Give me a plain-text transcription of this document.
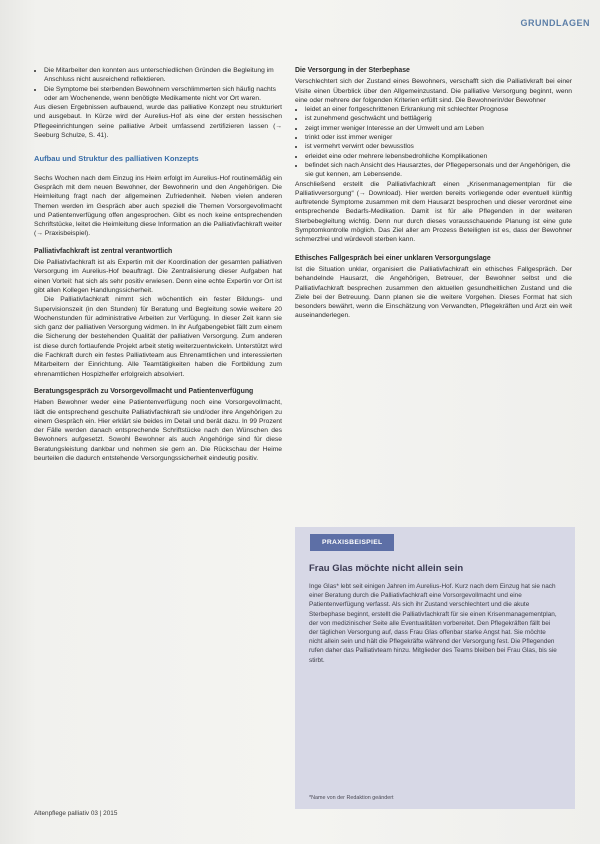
GRUNDLAGEN
• Die Mitarbeiter den konnten aus unterschiedlichen Gründen die Begleitung im Anschluss nicht ausreichend reflektieren.
• Die Symptome bei sterbenden Bewohnern verschlimmerten sich häufig nachts oder am Wochenende, wenn benötigte Medikamente nicht vor Ort waren.

Aus diesen Ergebnissen aufbauend, wurde das palliative Konzept neu strukturiert und ausgebaut. In Kürze wird der Aurelius-Hof als eine der ersten hessischen Pflegeeinrichtungen seine palliative Arbeit umfassend zertifizieren lassen (→ Seeburg Schulze, S. 41).

Aufbau und Struktur des palliativen Konzepts

Sechs Wochen nach dem Einzug ins Heim erfolgt im Aurelius-Hof routinemäßig ein Gespräch mit dem neuen Bewohner, der Bewohnerin und den Angehörigen. Die Heimleitung fragt nach der allgemeinen Zufriedenheit. Neben vielen anderen Themen werden im Gespräch aber auch speziell die Themen Vorsorgevollmacht und Patientenverfügung offen angesprochen. Gibt es noch keine entsprechenden Schriftstücke, leitet die Heimleitung diese Information an die Palliativfachkraft weiter (→ Praxisbeispiel).

Palliativfachkraft ist zentral verantwortlich

Die Palliativfachkraft ist als Expertin mit der Koordination der gesamten palliativen Versorgung im Aurelius-Hof beauftragt. Die Zentralisierung dieser Aufgaben hat einen Vorteil: hat sich als sehr positiv erwiesen. Denn eine echte Expertin vor Ort ist gibt allen Kollegen Handlungssicherheit.

Die Palliativfachkraft nimmt sich wöchentlich ein fester Bildungs- und Supervisionszeit (in den Stunden) für Beratung und Begleitung sowie weitere 20 Wochenstunden für administrative Arbeiten zur Verfügung. In dieser Zeit kann sie sich ganz der palliativen Versorgung widmen. In ihr Aufgabengebiet fällt zum einem die Sicherung der bestehenden Qualität der palliativen Versorgung. Zum anderen ist diese durch fortlaufende Projekt arbeit stetig weiterzuentwickeln. Unterstützt wird die Fachkraft durch ein festes Palliativteam aus Ehrenamtlichen und interessierten Mitarbeitern der Einrichtung. Alle Teamtätigkeiten haben die Fortbildung zum ehrenamtlichen Hospizhelfer erfolgreich absolviert.

Beratungsgespräch zu Vorsorgevollmacht und Patientenverfügung

Haben Bewohner weder eine Patientenverfügung noch eine Vorsorgevollmacht, lädt die entsprechend geschulte Palliativfachkraft sie und/oder ihre Angehörigen zu einem Gespräch ein. Hier erklärt sie beides im Detail und berät dazu. In 99 Prozent der Fälle werden danach entsprechende Schriftstücke nach den Wünschen des Bewohners aufgesetzt. Sowohl Bewohner als auch Angehörige sind für diese Beratungsleistung dankbar und nehmen sie gern an. Die Rückschau der Heime beurteilen die dadurch entstehende Versorgungssicherheit eindeutig positiv.

Die Versorgung in der Sterbephase

Verschlechtert sich der Zustand eines Bewohners, verschafft sich die Palliativkraft bei einer Visite einen Überblick über den Allgemeinzustand. Die palliative Versorgung beginnt, wenn eine oder mehrere der folgenden Kriterien erfüllt sind. Die Bewohnerin/der Bewohner

• leidet an einer fortgeschrittenen Erkrankung mit schlechter Prognose
• ist zunehmend geschwächt und bettlägerig
• zeigt immer weniger Interesse an der Umwelt und am Leben
• trinkt oder isst immer weniger
• ist vermehrt verwirrt oder bewusstlos
• erleidet eine oder mehrere lebensbedrohliche Komplikationen
• befindet sich nach Ansicht des Hausarztes, der Pflegepersonals und der Angehörigen, die sie gut kennen, am Lebensende.

Anschließend erstellt die Palliativfachkraft einen „Krisenmanagementplan für die Palliativversorgung“ (→ Download). Hier werden bereits vorliegende oder eventuell künftig auftretende Symptome zusammen mit dem Hausarzt besprochen und dieser verordnet eine entsprechende Bedarfs-Medikation. Damit ist für alle Pflegenden in der weiteren Sterbebegleitung wichtig. Denn nur durch dieses vorausschauende Planung ist eine gute Symptomkontrolle möglich. Das Ziel aller am Prozess Beteiligten ist es, dass der Bewohner schmerzfrei und würdevoll sterben kann.

Ethisches Fallgespräch bei einer unklaren Versorgungslage

Ist die Situation unklar, organisiert die Palliativfachkraft ein ethisches Fallgespräch. Der behandelnde Hausarzt, die Angehörigen, Betreuer, der Bewohner selbst und die Palliativfachkraft besprechen zusammen den aktuellen gesundheitlichen Zustand und die Ziele bei der Betreuung. Dann planen sie die weitere Vorgehen. Dieses Format hat sich besonders bewährt, wenn die Einschätzung von Verwandten, Pflegekräften und Arzt ein weit auseinanderlegen.

PRAXISBEISPIEL
Frau Glas möchte nicht allein sein
Inge Glas* lebt seit einigen Jahren im Aurelius-Hof. Kurz nach dem Einzug hat sie nach einer Beratung durch die Palliativfachkraft eine Vorsorgevollmacht und eine Patientenverfügung verfasst. Als sich ihr Zustand verschlechtert und die akute Sterbephase beginnt, erstellt die Palliativfachkraft für sie einen Krisenmanagementplan, der von medizinischer Seite alle Eventualitäten vorbereitet. Den Pflegekräften fällt bei der täglichen Versorgung auf, dass Frau Glas offenbar starke Angst hat. Sie möchte nicht allein sein und hält die Pflegekräfte während der Versorgung fest. Die Pflegenden rufen daher das Palliativteam hinzu. Mitglieder des Teams bleiben bei Frau Glas, bis sie stirbt.
*Name von der Redaktion geändert
Altenpflege palliativ 03 | 2015
